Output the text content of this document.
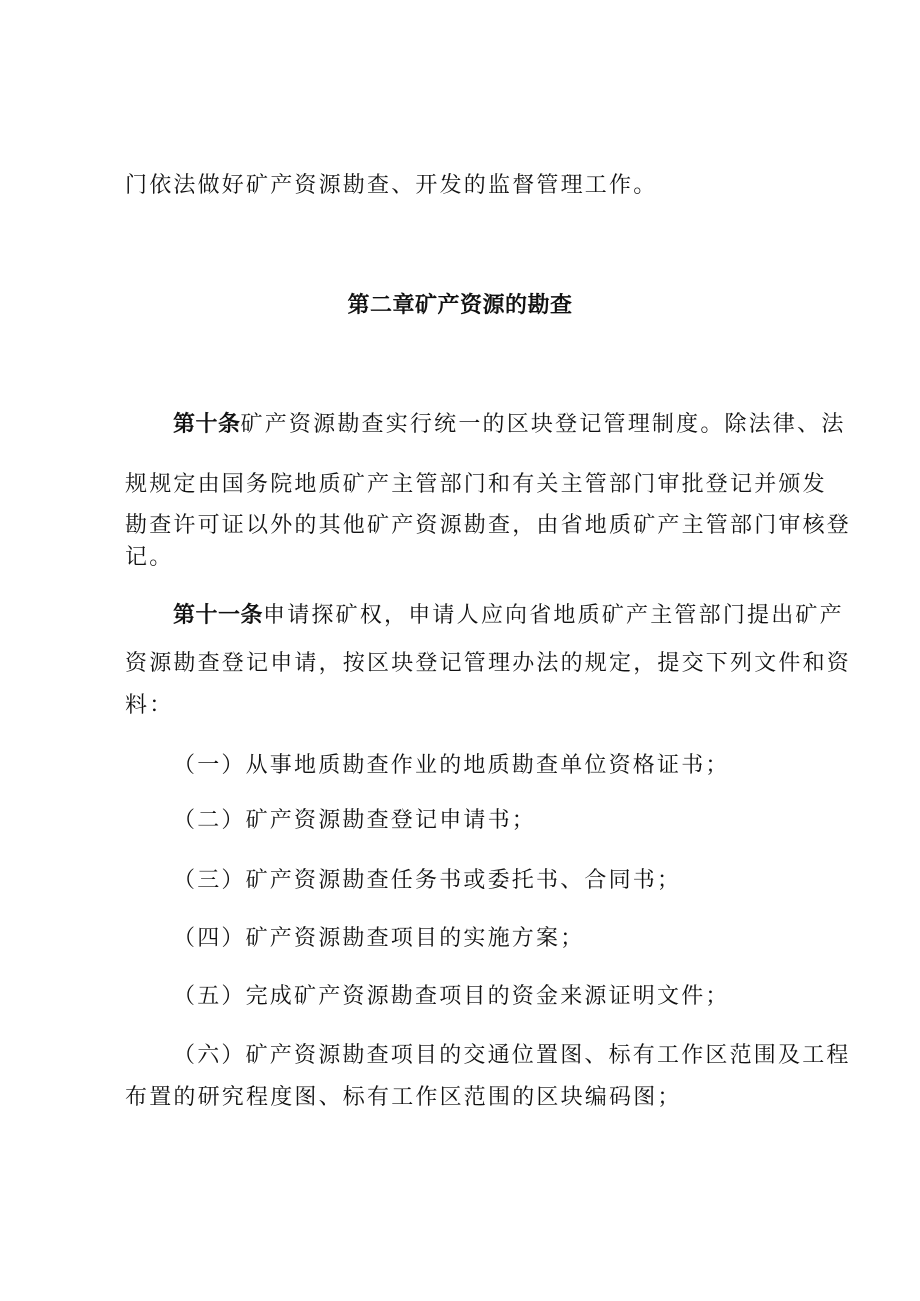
门依法做好矿产资源勘查、开发的监督管理工作。
第二章矿产资源的勘查
第十条矿产资源勘查实行统一的区块登记管理制度。除法律、法
规规定由国务院地质矿产主管部门和有关主管部门审批登记并颁发
勘查许可证以外的其他矿产资源勘查，由省地质矿产主管部门审核登
记。
第十一条申请探矿权，申请人应向省地质矿产主管部门提出矿产
资源勘查登记申请，按区块登记管理办法的规定，提交下列文件和资
料：
（一）从事地质勘查作业的地质勘查单位资格证书；
（二）矿产资源勘查登记申请书；
（三）矿产资源勘查任务书或委托书、合同书；
（四）矿产资源勘查项目的实施方案；
（五）完成矿产资源勘查项目的资金来源证明文件；
（六）矿产资源勘查项目的交通位置图、标有工作区范围及工程
布置的研究程度图、标有工作区范围的区块编码图；
